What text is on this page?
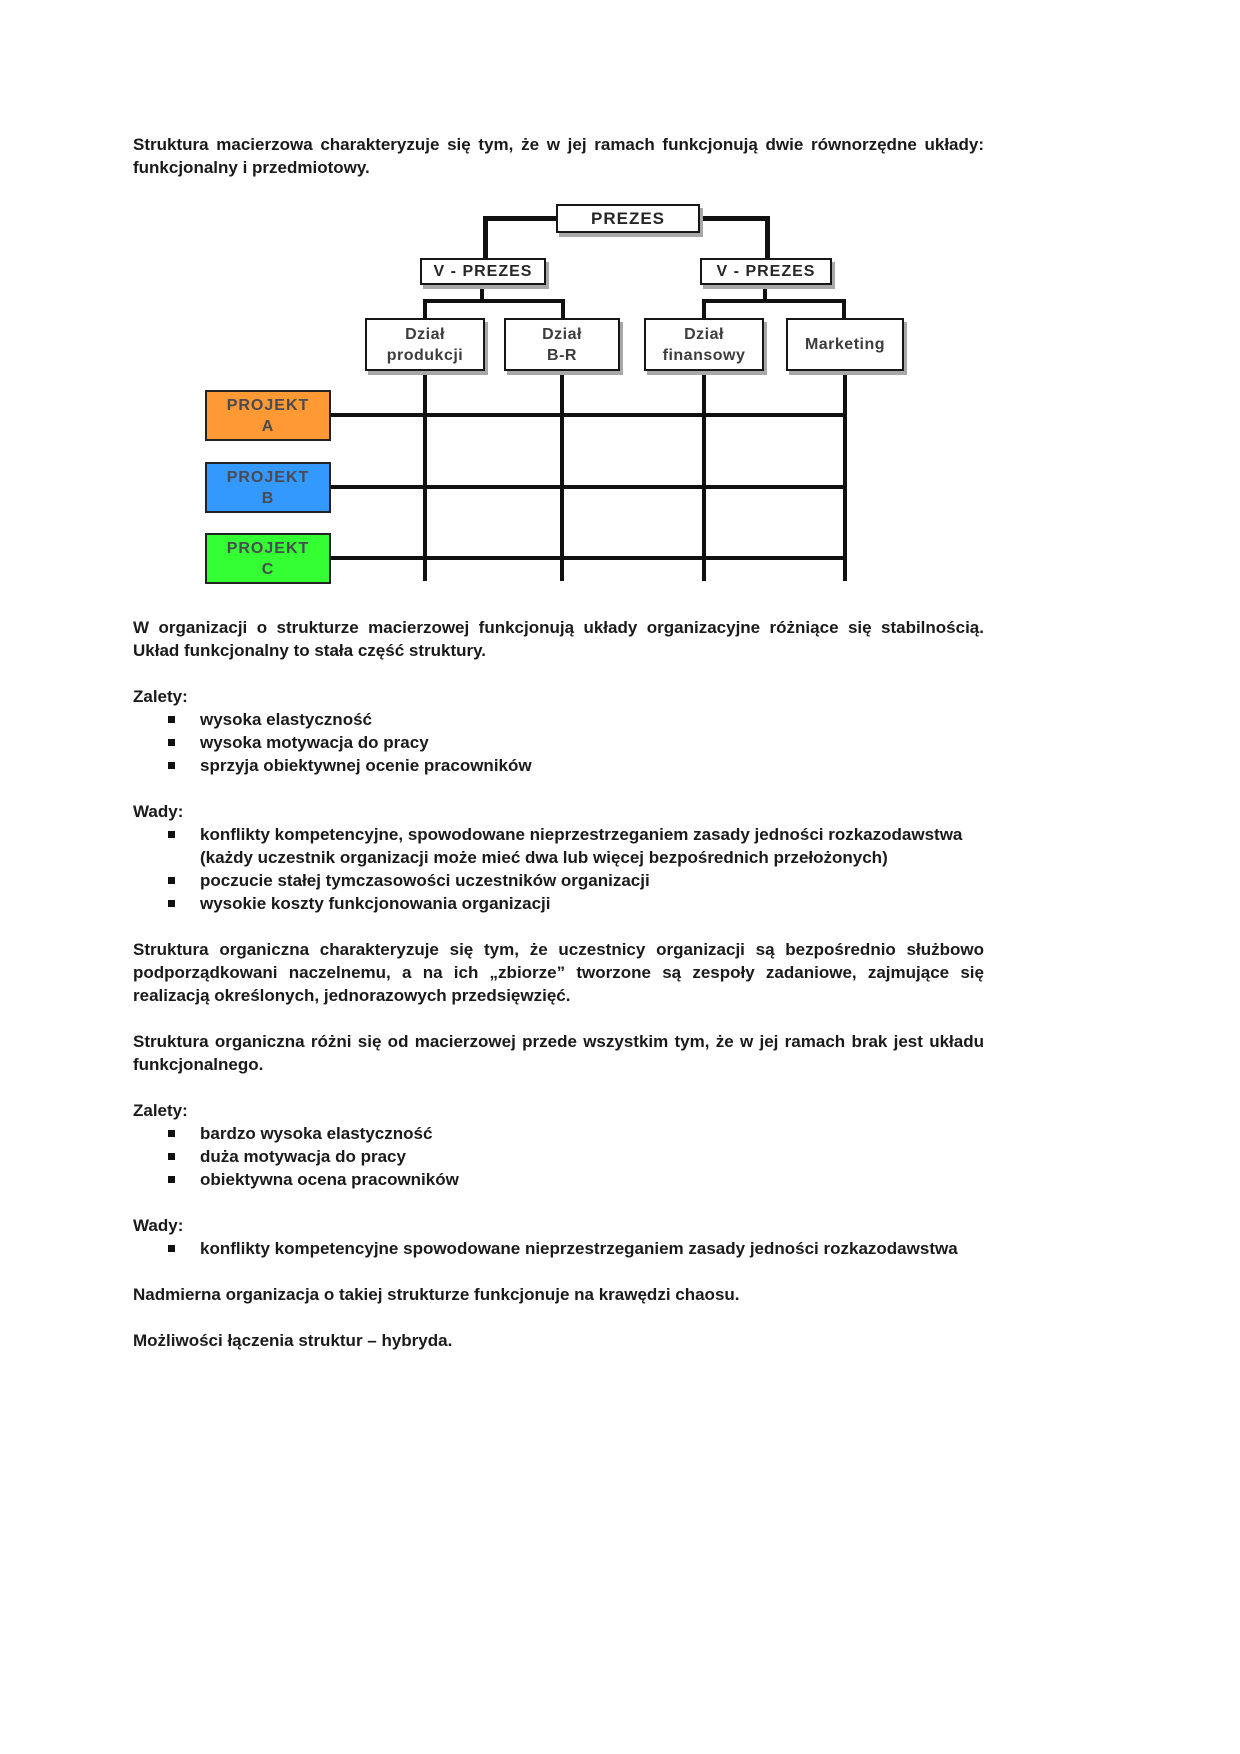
Struktura macierzowa charakteryzuje się tym, że w jej ramach funkcjonują dwie równorzędne układy: funkcjonalny i przedmiotowy.

PREZES
V - PREZES	V - PREZES
Dział
produkcji
Dział
B-R
Dział
finansowy
Marketing
PROJEKT
A
PROJEKT
B
PROJEKT
C

W organizacji o strukturze macierzowej funkcjonują układy organizacyjne różniące się stabilnością. Układ funkcjonalny to stała część struktury.

Zalety:

wysoka elastyczność
wysoka motywacja do pracy
sprzyja obiektywnej ocenie pracowników

Wady:

konflikty kompetencyjne, spowodowane nieprzestrzeganiem zasady jedności rozkazodawstwa (każdy uczestnik organizacji może mieć dwa lub więcej bezpośrednich przełożonych)
poczucie stałej tymczasowości uczestników organizacji
wysokie koszty funkcjonowania organizacji

Struktura organiczna charakteryzuje się tym, że uczestnicy organizacji są bezpośrednio służbowo podporządkowani naczelnemu, a na ich „zbiorze” tworzone są zespoły zadaniowe, zajmujące się realizacją określonych, jednorazowych przedsięwzięć.

Struktura organiczna różni się od macierzowej przede wszystkim tym, że w jej ramach brak jest układu funkcjonalnego.

Zalety:

bardzo wysoka elastyczność
duża motywacja do pracy
obiektywna ocena pracowników

Wady:

konflikty kompetencyjne spowodowane nieprzestrzeganiem zasady jedności rozkazodawstwa

Nadmierna organizacja o takiej strukturze funkcjonuje na krawędzi chaosu.

Możliwości łączenia struktur – hybryda.
